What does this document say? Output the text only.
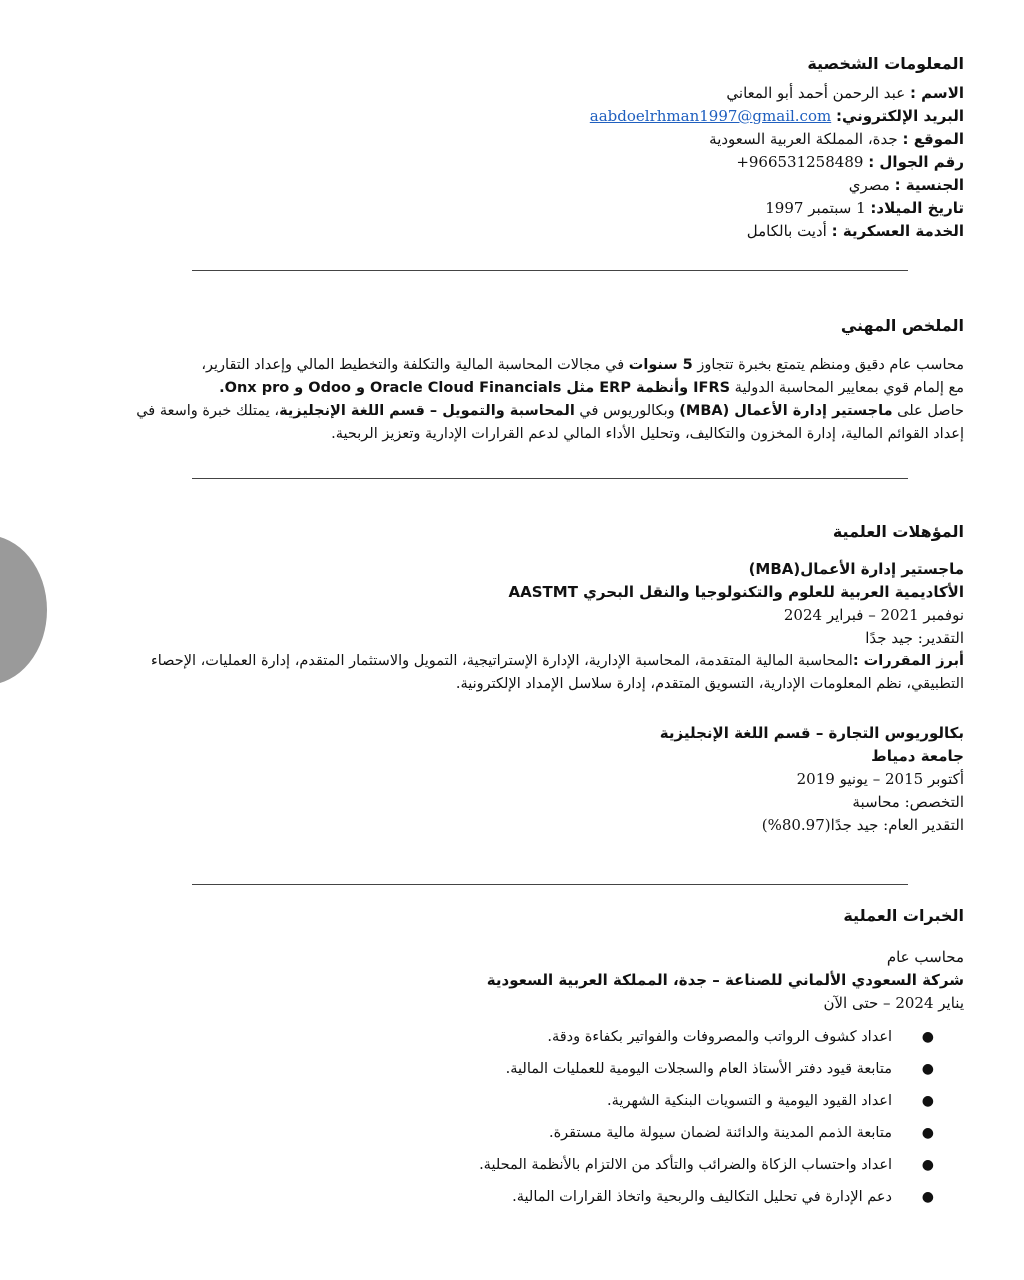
المعلومات الشخصية

الاسم : عبد الرحمن أحمد أبو المعاني

البريد الإلكتروني: aabdoelrhman1997@gmail.com

الموقع : جدة، المملكة العربية السعودية

رقم الجوال : +966531258489

الجنسية : مصري

تاريخ الميلاد: 1 سبتمبر 1997

الخدمة العسكرية : أديت بالكامل

الملخص المهني

محاسب عام دقيق ومنظم يتمتع بخبرة تتجاوز 5 سنوات في مجالات المحاسبة المالية والتكلفة والتخطيط المالي وإعداد التقارير،

مع إلمام قوي بمعايير المحاسبة الدولية IFRS وأنظمة ERP مثل Oracle Cloud Financials و Odoo و Onx pro.

حاصل على ماجستير إدارة الأعمال (MBA) وبكالوريوس في المحاسبة والتمويل – قسم اللغة الإنجليزية، يمتلك خبرة واسعة في

إعداد القوائم المالية، إدارة المخزون والتكاليف، وتحليل الأداء المالي لدعم القرارات الإدارية وتعزيز الربحية.

المؤهلات العلمية

ماجستير إدارة الأعمال(MBA)

الأكاديمية العربية للعلوم والتكنولوجيا والنقل البحري AASTMT

نوفمبر 2021 – فبراير 2024

التقدير: جيد جدًا

أبرز المقررات :المحاسبة المالية المتقدمة، المحاسبة الإدارية، الإدارة الإستراتيجية، التمويل والاستثمار المتقدم، إدارة العمليات، الإحصاء

التطبيقي، نظم المعلومات الإدارية، التسويق المتقدم، إدارة سلاسل الإمداد الإلكترونية.

بكالوريوس التجارة – قسم اللغة الإنجليزية

جامعة دمياط

أكتوبر 2015 – يونيو 2019

التخصص: محاسبة

التقدير العام: جيد جدًا(80.97%)

الخبرات العملية

محاسب عام

شركة السعودي الألماني للصناعة – جدة، المملكة العربية السعودية

يناير 2024 – حتى الآن

●
اعداد كشوف الرواتب والمصروفات والفواتير بكفاءة ودقة.
●
متابعة قيود دفتر الأستاذ العام والسجلات اليومية للعمليات المالية.
●
اعداد القيود اليومية و التسويات البنكية الشهرية.
●
متابعة الذمم المدينة والدائنة لضمان سيولة مالية مستقرة.
●
اعداد واحتساب الزكاة والضرائب والتأكد من الالتزام بالأنظمة المحلية.
●
دعم الإدارة في تحليل التكاليف والربحية واتخاذ القرارات المالية.
